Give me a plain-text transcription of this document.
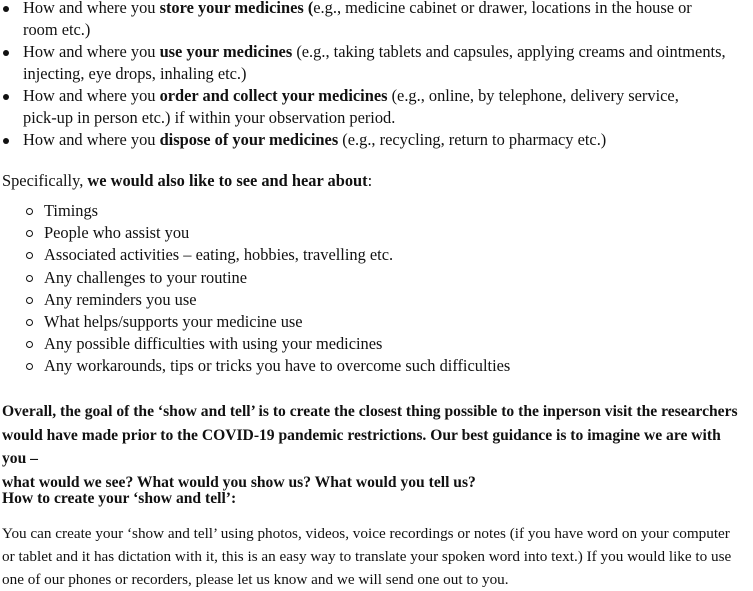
How and where you store your medicines (e.g., medicine cabinet or drawer, locations in the house or
room etc.)
How and where you use your medicines (e.g., taking tablets and capsules, applying creams and ointments,
injecting, eye drops, inhaling etc.)
How and where you order and collect your medicines (e.g., online, by telephone, delivery service,
pick-up in person etc.) if within your observation period.
How and where you dispose of your medicines (e.g., recycling, return to pharmacy etc.)
Specifically, we would also like to see and hear about:
Timings
People who assist you
Associated activities – eating, hobbies, travelling etc.
Any challenges to your routine
Any reminders you use
What helps/supports your medicine use
Any possible difficulties with using your medicines
Any workarounds, tips or tricks you have to overcome such difficulties
Overall, the goal of the ‘show and tell’ is to create the closest thing possible to the inperson visit the researchers
would have made prior to the COVID-19 pandemic restrictions. Our best guidance is to imagine we are with you –
what would we see? What would you show us? What would you tell us?
How to create your ‘show and tell’:
You can create your ‘show and tell’ using photos, videos, voice recordings or notes (if you have word on your computer
or tablet and it has dictation with it, this is an easy way to translate your spoken word into text.) If you would like to use
one of our phones or recorders, please let us know and we will send one out to you.
